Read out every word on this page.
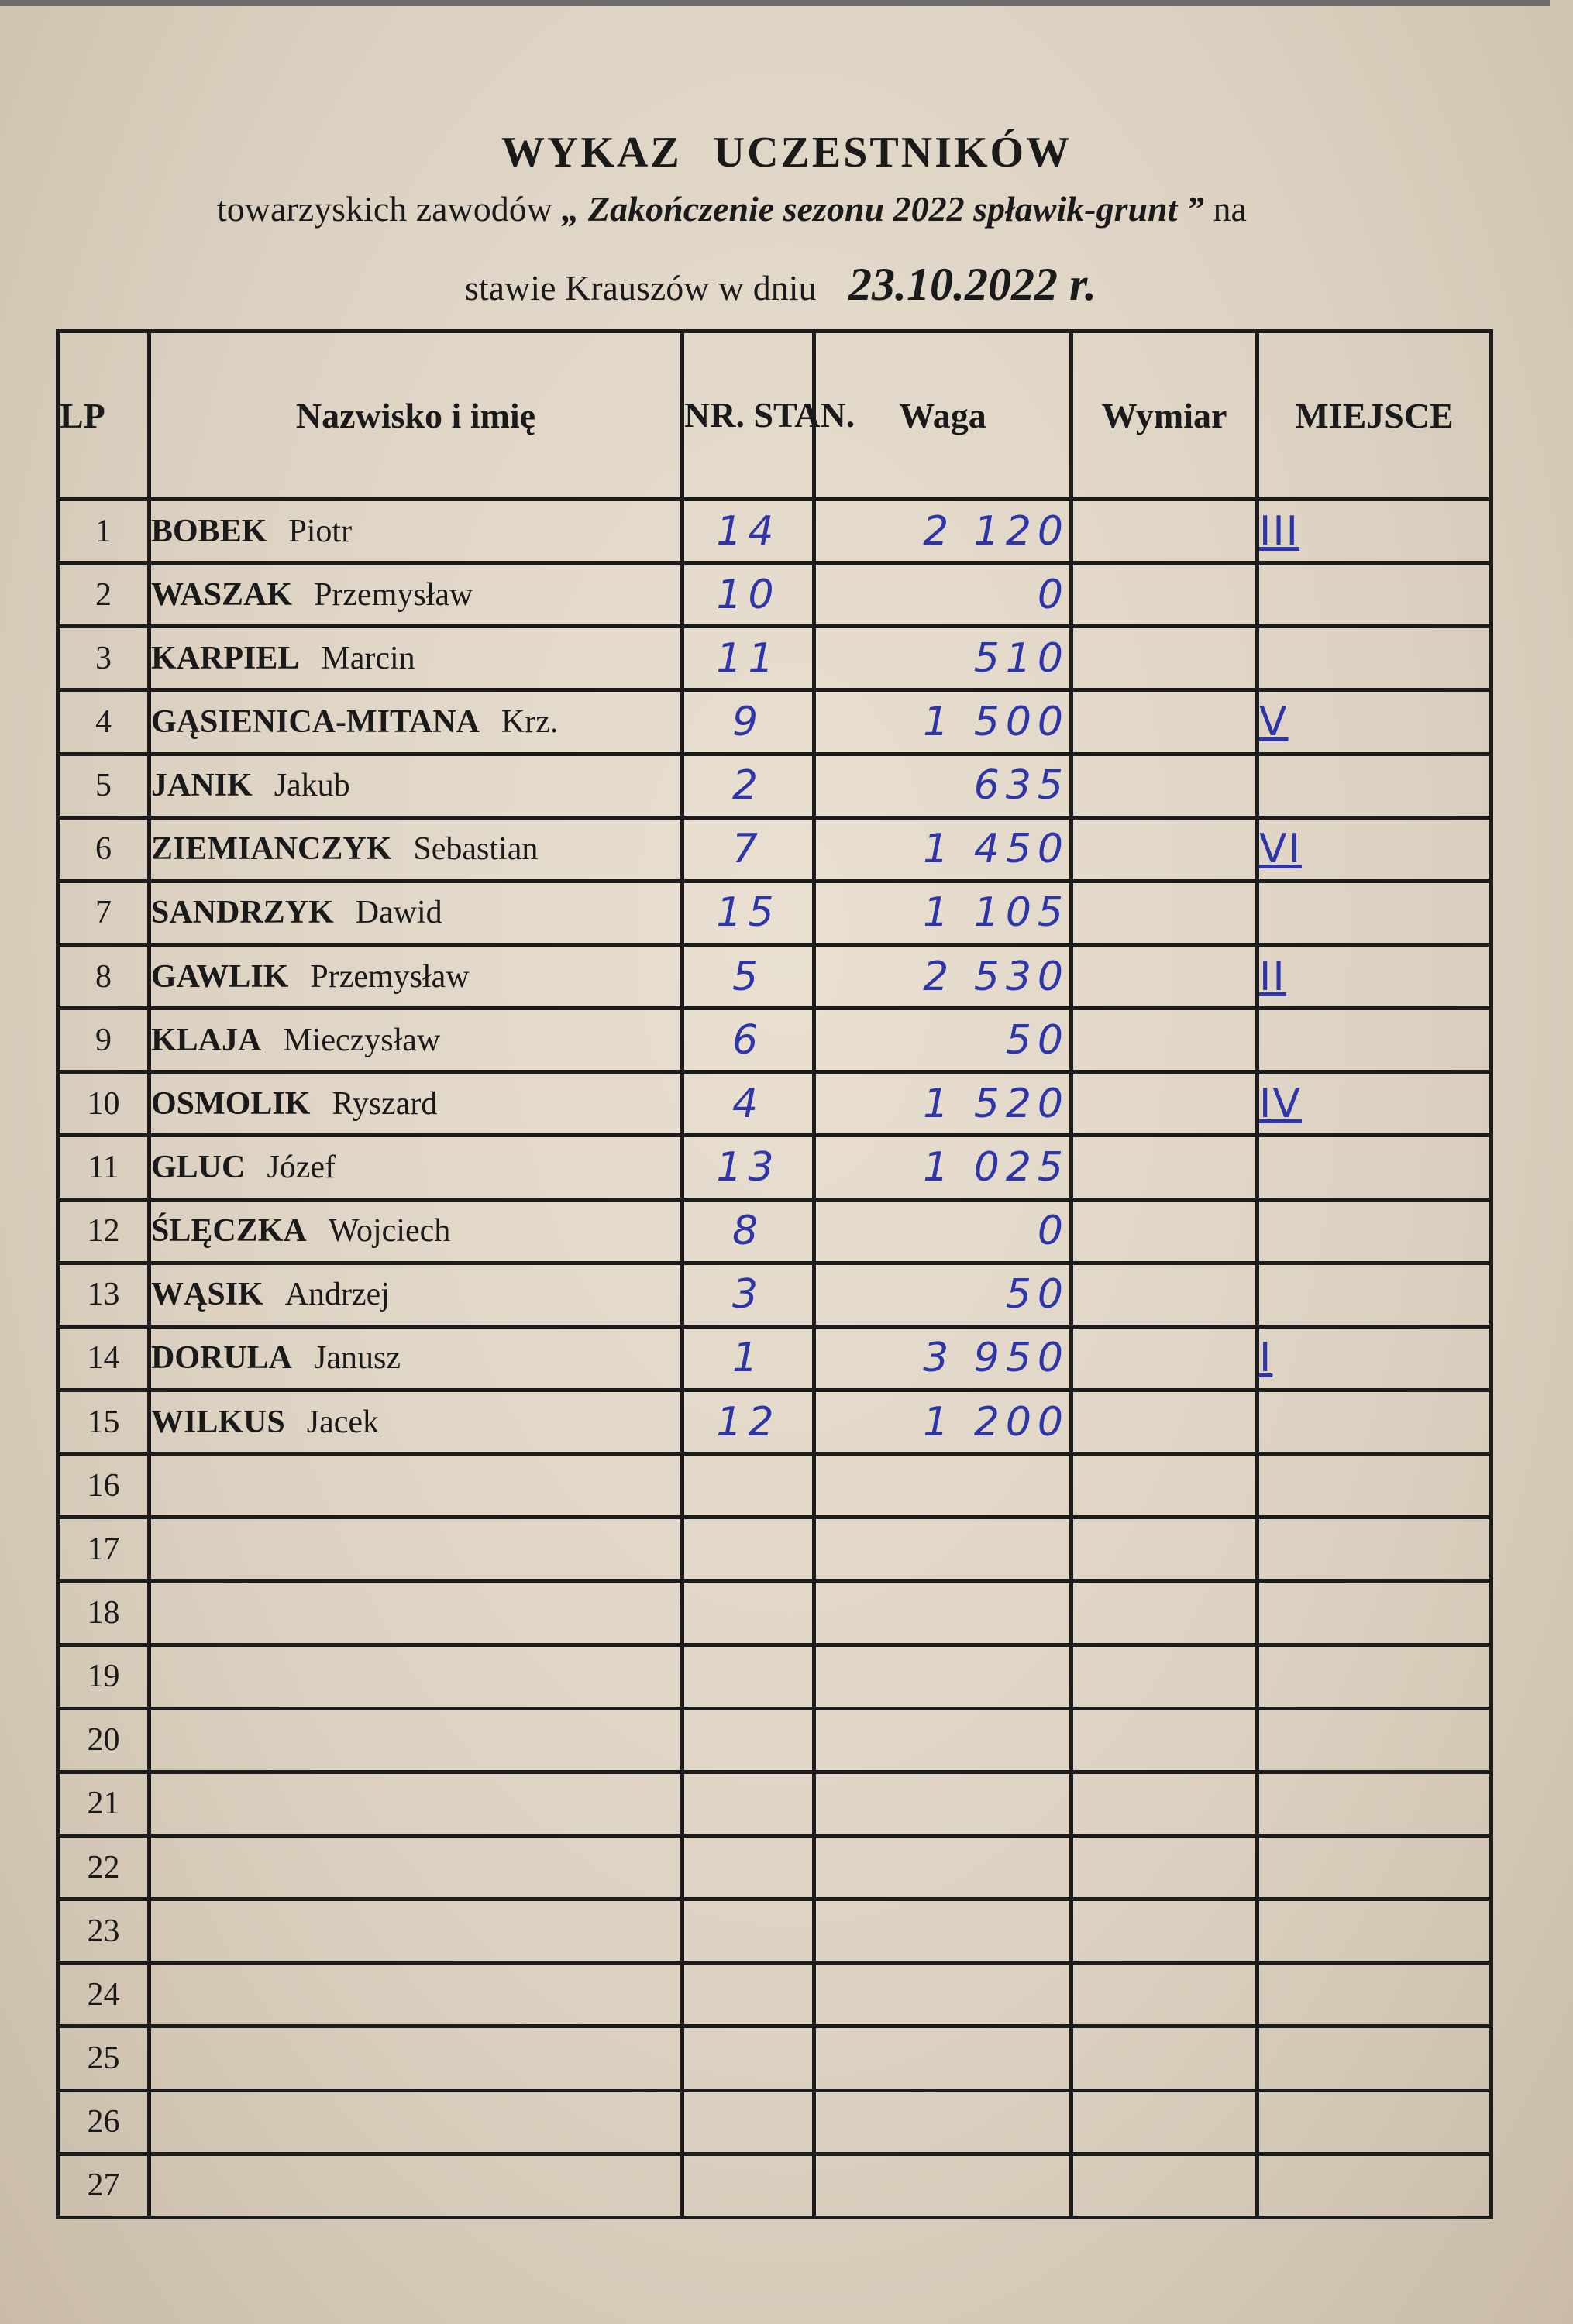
WYKAZ UCZESTNIKÓW
towarzyskich zawodów „ Zakończenie sezonu 2022 spławik-grunt ” na
stawie Krauszów w dniu 23.10.2022 r.
LP	Nazwisko i imię	NR. STAN.	Waga	Wymiar	MIEJSCE
1	BOBEK Piotr	14	2 120		III
2	WASZAK Przemysław	10	0		
3	KARPIEL Marcin	11	510		
4	GĄSIENICA-MITANA Krz.	9	1 500		V
5	JANIK Jakub	2	635		
6	ZIEMIANCZYK Sebastian	7	1 450		VI
7	SANDRZYK Dawid	15	1 105		
8	GAWLIK Przemysław	5	2 530		II
9	KLAJA Mieczysław	6	50		
10	OSMOLIK Ryszard	4	1 520		IV
11	GLUC Józef	13	1 025		
12	ŚLĘCZKA Wojciech	8	0		
13	WĄSIK Andrzej	3	50		
14	DORULA Janusz	1	3 950		I
15	WILKUS Jacek	12	1 200		
16					
17					
18					
19					
20					
21					
22					
23					
24					
25					
26					
27					
